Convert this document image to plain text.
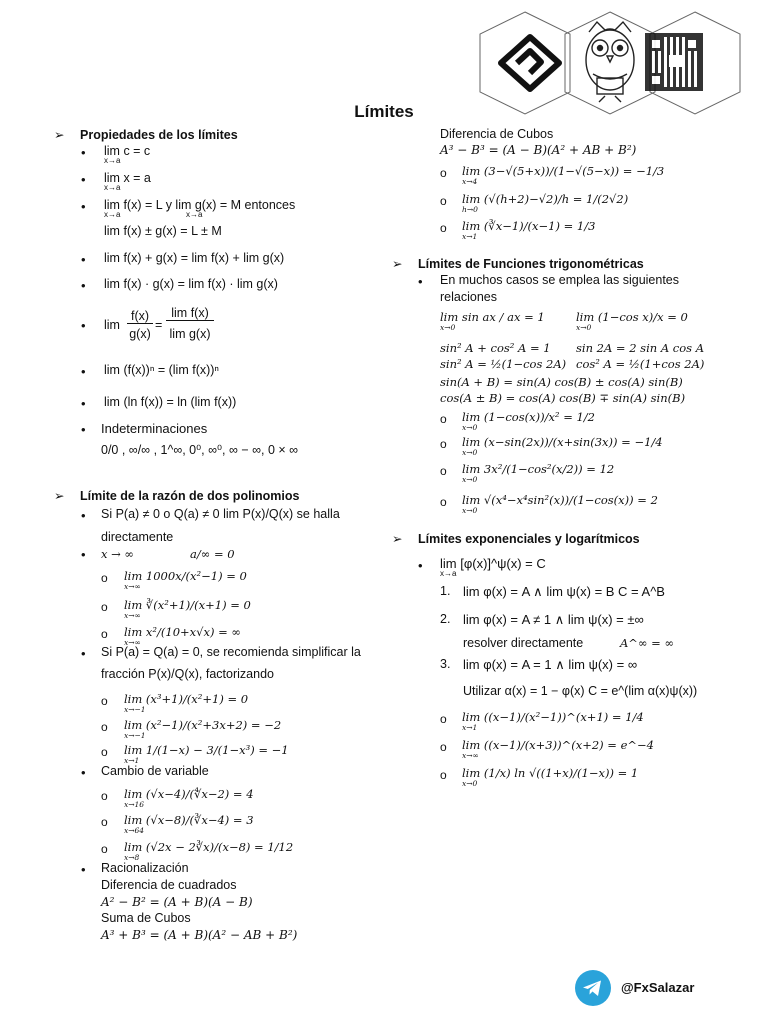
Límites
➢ Propiedades de los límites
• lim c = c
x→a
• lim x = a
x→a
• lim f(x) = L y lim g(x) = M entonces
x→a	x→a
lim f(x) ± g(x) = L ± M
• lim f(x) + g(x) = lim f(x) + lim g(x)
• lim f(x) · g(x) = lim f(x) · lim g(x)
• lim
f(x)
g(x)
=
lim f(x)
lim g(x)
• lim (f(x))ⁿ = (lim f(x))ⁿ
• lim (ln f(x)) = ln (lim f(x))
• Indeterminaciones
0/0 , ∞/∞ , 1^∞, 0⁰, ∞⁰, ∞ − ∞, 0 × ∞
➢ Límite de la razón de dos polinomios
• Si P(a) ≠ 0 o Q(a) ≠ 0 lim P(x)/Q(x) se halla
directamente
• x → ∞	a/∞ = 0
o lim 1000x/(x²−1) = 0
x→∞
o lim ∛(x²+1)/(x+1) = 0
x→∞
o lim x²/(10+x√x) = ∞
x→∞
• Si P(a) = Q(a) = 0, se recomienda simplificar la
fracción P(x)/Q(x), factorizando
o lim (x³+1)/(x²+1) = 0
x→−1
o lim (x²−1)/(x²+3x+2) = −2
x→−1
o lim 1/(1−x) − 3/(1−x³) = −1
x→1
• Cambio de variable
o lim (√x−4)/(∜x−2) = 4
x→16
o lim (√x−8)/(∛x−4) = 3
x→64
o lim (√2x − 2∛x)/(x−8) = 1/12
x→8
• Racionalización
Diferencia de cuadrados
A² − B² = (A + B)(A − B)
Suma de Cubos
A³ + B³ = (A + B)(A² − AB + B²)
Diferencia de Cubos
A³ − B³ = (A − B)(A² + AB + B²)
o lim (3−√(5+x))/(1−√(5−x)) = −1/3
x→4
o lim (√(h+2)−√2)/h = 1/(2√2)
h→0
o lim (∛x−1)/(x−1) = 1/3
x→1
➢ Límites de Funciones trigonométricas
• En muchos casos se emplea las siguientes
relaciones
lim sin ax / ax = 1
x→0
lim (1−cos x)/x = 0
x→0
sin² A + cos² A = 1 sin 2A = 2 sin A cos A
sin² A = ½(1−cos 2A) cos² A = ½(1+cos 2A)
sin(A + B) = sin(A) cos(B) ± cos(A) sin(B)
cos(A ± B) = cos(A) cos(B) ∓ sin(A) sin(B)
o lim (1−cos(x))/x² = 1/2
x→0
o lim (x−sin(2x))/(x+sin(3x)) = −1/4
x→0
o lim 3x²/(1−cos²(x/2)) = 12
x→0
o lim √(x⁴−x⁴sin²(x))/(1−cos(x)) = 2
x→0
➢ Límites exponenciales y logarítmicos
• lim [φ(x)]^ψ(x) = C
x→a
1. lim φ(x) = A ∧ lim ψ(x) = B C = A^B
2. lim φ(x) = A ≠ 1 ∧ lim ψ(x) = ±∞
resolver directamente	A^∞ = ∞
3. lim φ(x) = A = 1 ∧ lim ψ(x) = ∞
Utilizar α(x) = 1 − φ(x) C = e^(lim α(x)ψ(x))
o lim ((x−1)/(x²−1))^(x+1) = 1/4
x→1
o lim ((x−1)/(x+3))^(x+2) = e^−4
x→∞
o lim (1/x) ln √((1+x)/(1−x)) = 1
x→0
@FxSalazar
